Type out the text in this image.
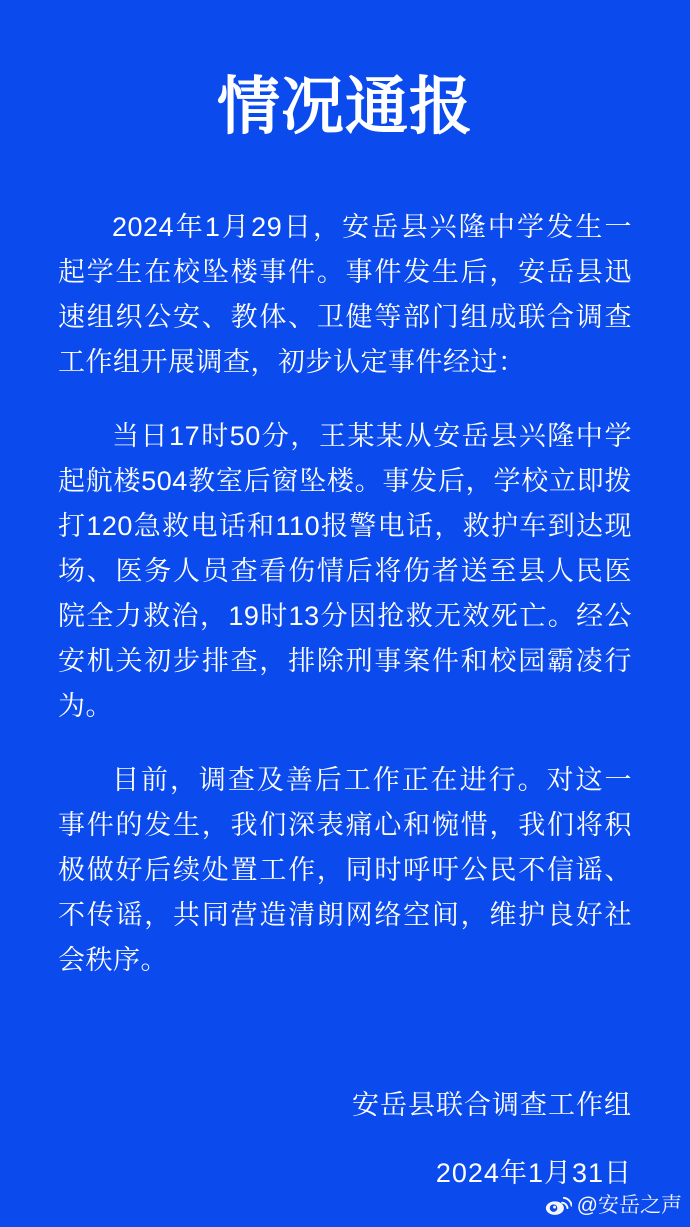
情况通报

2024年1月29日，安岳县兴隆中学发生一起学生在校坠楼事件。事件发生后，安岳县迅速组织公安、教体、卫健等部门组成联合调查工作组开展调查，初步认定事件经过：

当日17时50分，王某某从安岳县兴隆中学起航楼504教室后窗坠楼。事发后，学校立即拨打120急救电话和110报警电话，救护车到达现场、医务人员查看伤情后将伤者送至县人民医院全力救治，19时13分因抢救无效死亡。经公安机关初步排查，排除刑事案件和校园霸凌行为。

目前，调查及善后工作正在进行。对这一事件的发生，我们深表痛心和惋惜，我们将积极做好后续处置工作，同时呼吁公民不信谣、不传谣，共同营造清朗网络空间，维护良好社会秩序。

安岳县联合调查工作组
2024年1月31日
@安岳之声
